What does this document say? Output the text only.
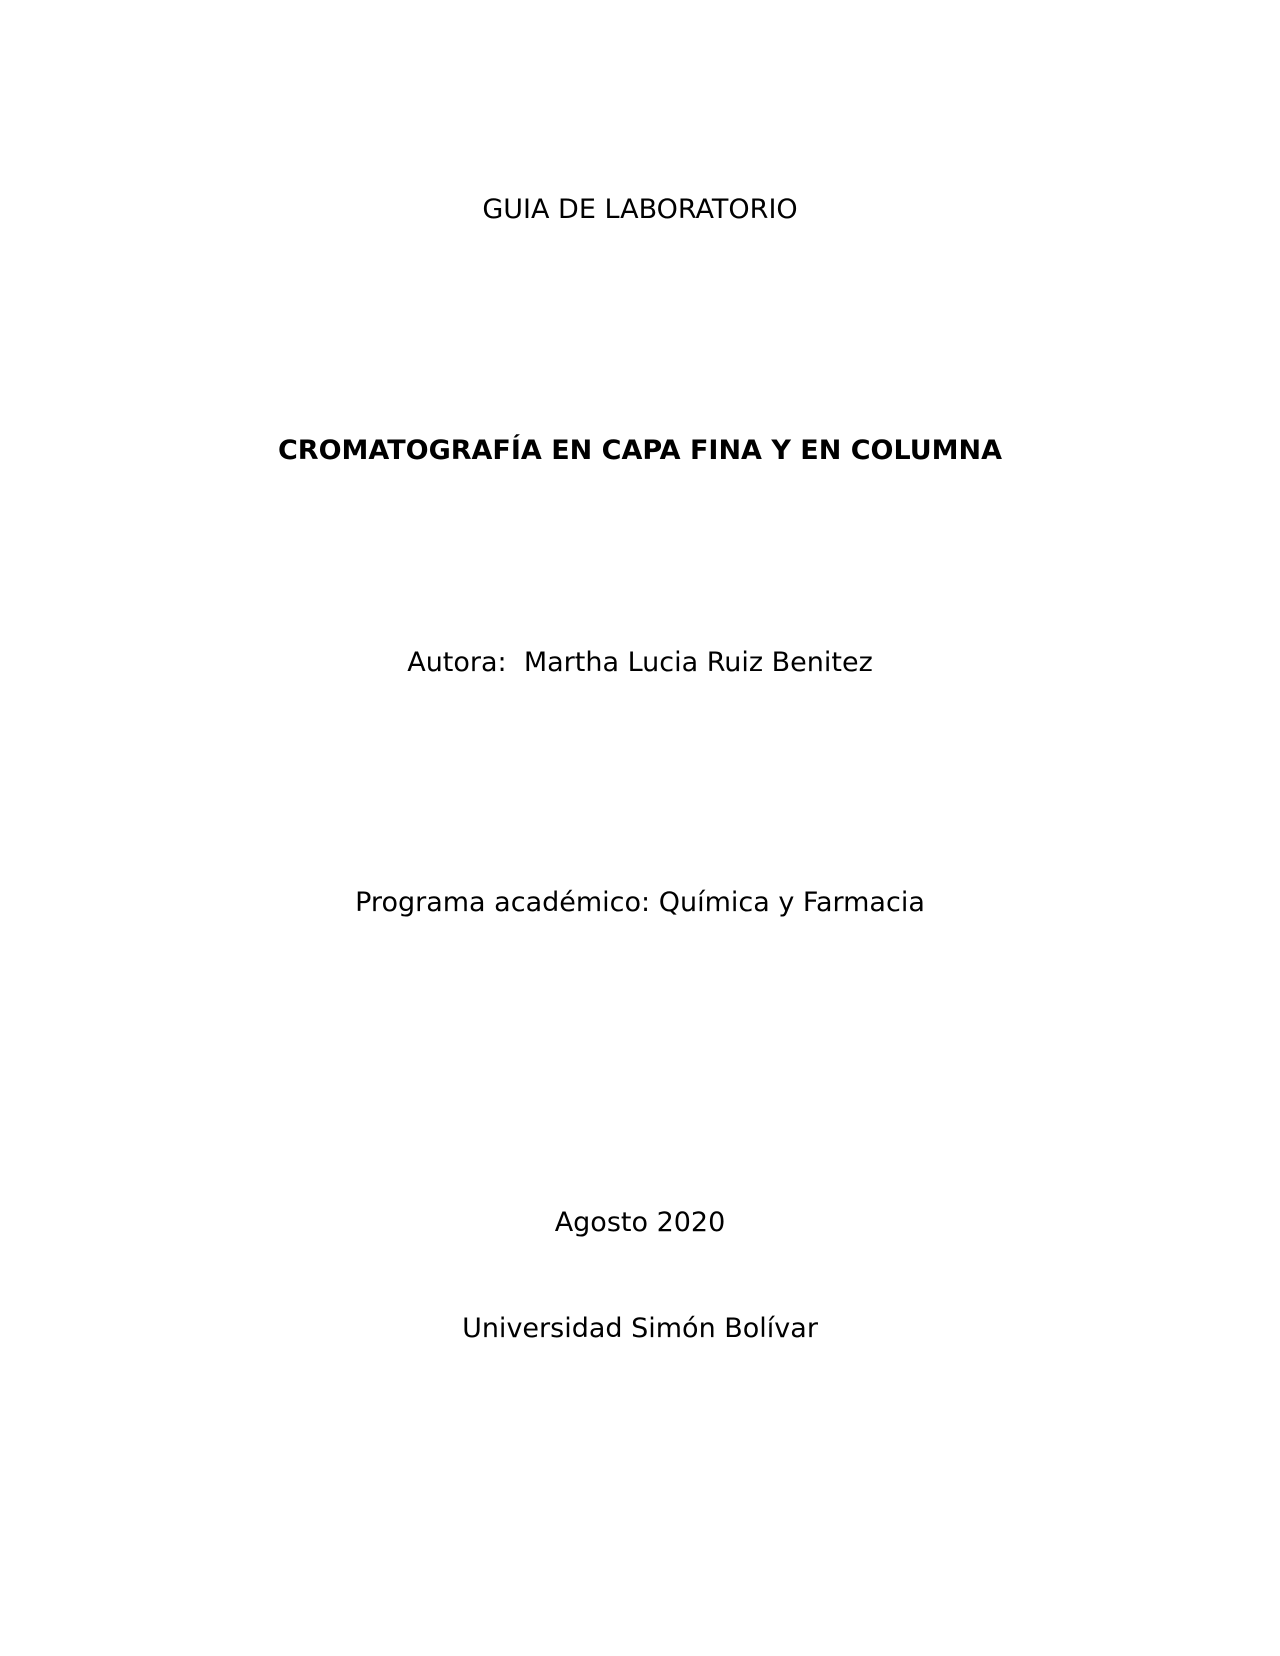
GUIA DE LABORATORIO
CROMATOGRAFÍA EN CAPA FINA Y EN COLUMNA
Autora:  Martha Lucia Ruiz Benitez
Programa académico: Química y Farmacia
Agosto 2020
Universidad Simón Bolívar
